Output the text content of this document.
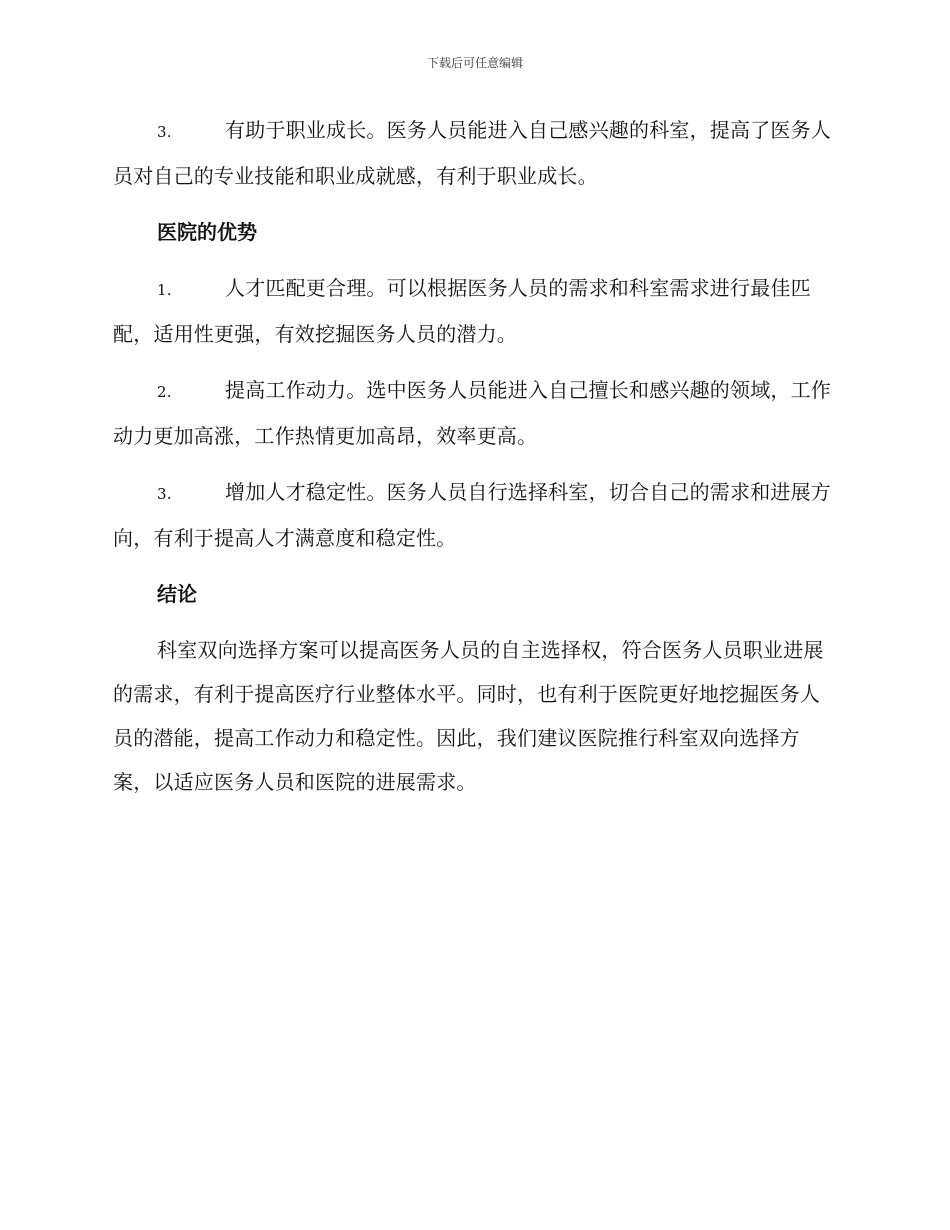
下载后可任意编辑

3.	有助于职业成长。医务人员能进入自己感兴趣的科室，提高了医务人员对自己的专业技能和职业成就感，有利于职业成长。

医院的优势

1.	人才匹配更合理。可以根据医务人员的需求和科室需求进行最佳匹配，适用性更强，有效挖掘医务人员的潜力。

2.	提高工作动力。选中医务人员能进入自己擅长和感兴趣的领域，工作动力更加高涨，工作热情更加高昂，效率更高。

3.	增加人才稳定性。医务人员自行选择科室，切合自己的需求和进展方向，有利于提高人才满意度和稳定性。

结论

科室双向选择方案可以提高医务人员的自主选择权，符合医务人员职业进展的需求，有利于提高医疗行业整体水平。同时，也有利于医院更好地挖掘医务人员的潜能，提高工作动力和稳定性。因此，我们建议医院推行科室双向选择方案，以适应医务人员和医院的进展需求。
